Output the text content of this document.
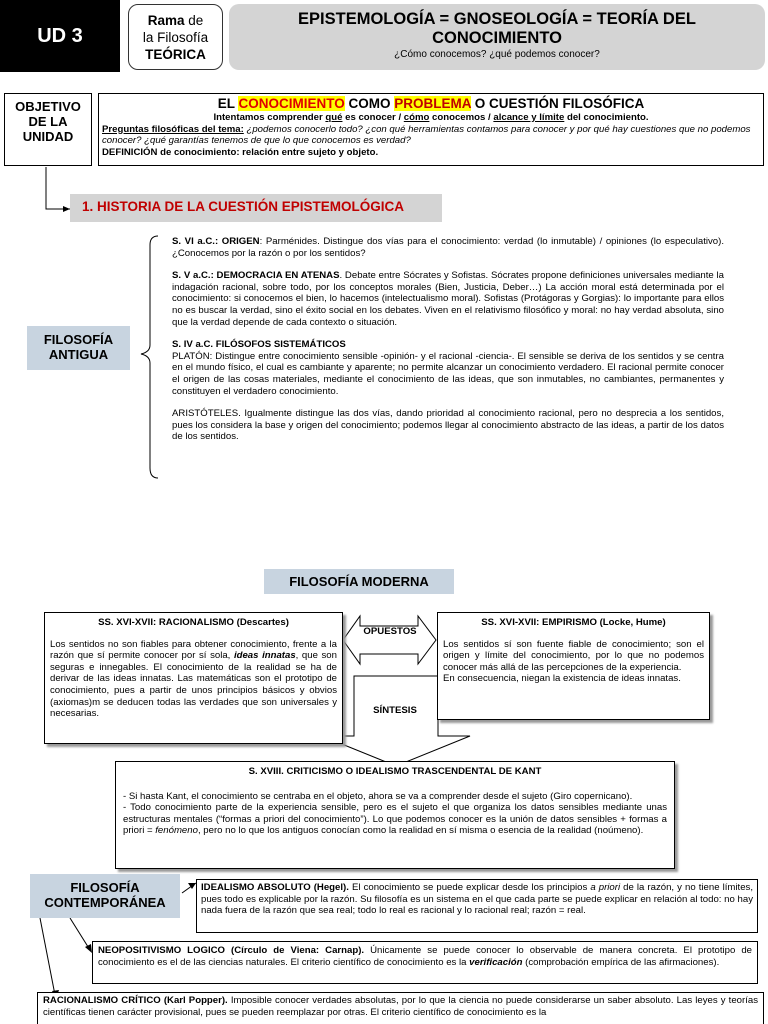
UD 3
Rama de
la Filosofía
TEÓRICA
EPISTEMOLOGÍA = GNOSEOLOGÍA = TEORÍA DEL
CONOCIMIENTO
¿Cómo conocemos? ¿qué podemos conocer?
OBJETIVO DE LA UNIDAD
EL CONOCIMIENTO COMO PROBLEMA O CUESTIÓN FILOSÓFICA
Intentamos comprender qué es conocer / cómo conocemos / alcance y límite del conocimiento.
Preguntas filosóficas del tema: ¿podemos conocerlo todo? ¿con qué herramientas contamos para conocer y por qué hay cuestiones que no podemos conocer? ¿qué garantías tenemos de que lo que conocemos es verdad?
DEFINICIÓN de conocimiento: relación entre sujeto y objeto.
1. HISTORIA DE LA CUESTIÓN EPISTEMOLÓGICA
FILOSOFÍA ANTIGUA

S. VI a.C.: ORIGEN: Parménides. Distingue dos vías para el conocimiento: verdad (lo inmutable) / opiniones (lo especulativo). ¿Conocemos por la razón o por los sentidos?

S. V a.C.: DEMOCRACIA EN ATENAS. Debate entre Sócrates y Sofistas. Sócrates propone definiciones universales mediante la indagación racional, sobre todo, por los conceptos morales (Bien, Justicia, Deber…) La acción moral está determinada por el conocimiento: si conocemos el bien, lo hacemos (intelectualismo moral). Sofistas (Protágoras y Gorgias): lo importante para ellos no es buscar la verdad, sino el éxito social en los debates. Viven en el relativismo filosófico y moral: no hay verdad absoluta, sino que la verdad depende de cada contexto o situación.

S. IV a.C. FILÓSOFOS SISTEMÁTICOS
PLATÓN: Distingue entre conocimiento sensible -opinión- y el racional -ciencia-. El sensible se deriva de los sentidos y se centra en el mundo físico, el cual es cambiante y aparente; no permite alcanzar un conocimiento verdadero. El racional permite conocer el origen de las cosas materiales, mediante el conocimiento de las ideas, que son inmutables, no cambiantes, permanentes y constituyen el verdadero conocimiento.

ARISTÓTELES. Igualmente distingue las dos vías, dando prioridad al conocimiento racional, pero no desprecia a los sentidos, pues los considera la base y origen del conocimiento; podemos llegar al conocimiento abstracto de las ideas, a partir de los datos de los sentidos.

FILOSOFÍA MODERNA
SS. XVI-XVII: RACIONALISMO (Descartes)
Los sentidos no son fiables para obtener conocimiento, frente a la razón que sí permite conocer por sí sola, ideas innatas, que son seguras e innegables. El conocimiento de la realidad se ha de derivar de las ideas innatas. Las matemáticas son el prototipo de conocimiento, pues a partir de unos principios básicos y obvios (axiomas)m se deducen todas las verdades que son universales y necesarias.
OPUESTOS
SS. XVI-XVII: EMPIRISMO (Locke, Hume)
Los sentidos sí son fuente fiable de conocimiento; son el origen y límite del conocimiento, por lo que no podemos conocer más allá de las percepciones de la experiencia.
En consecuencia, niegan la existencia de ideas innatas.
SÍNTESIS
S. XVIII. CRITICISMO O IDEALISMO TRASCENDENTAL DE KANT
- Si hasta Kant, el conocimiento se centraba en el objeto, ahora se va a comprender desde el sujeto (Giro copernicano).
- Todo conocimiento parte de la experiencia sensible, pero es el sujeto el que organiza los datos sensibles mediante unas estructuras mentales (“formas a priori del conocimiento”). Lo que podemos conocer es la unión de datos sensibles + formas a priori = fenómeno, pero no lo que los antiguos conocían como la realidad en sí misma o esencia de la realidad (noúmeno).
FILOSOFÍA CONTEMPORÁNEA
IDEALISMO ABSOLUTO (Hegel). El conocimiento se puede explicar desde los principios a priori de la razón, y no tiene límites, pues todo es explicable por la razón. Su filosofía es un sistema en el que cada parte se puede explicar en relación al todo: no hay nada fuera de la razón que sea real; todo lo real es racional y lo racional real; razón = real.
NEOPOSITIVISMO LOGICO (Círculo de Viena: Carnap). Únicamente se puede conocer lo observable de manera concreta. El prototipo de conocimiento es el de las ciencias naturales. El criterio científico de conocimiento es la verificación (comprobación empírica de las afirmaciones).
RACIONALISMO CRÍTICO (Karl Popper). Imposible conocer verdades absolutas, por lo que la ciencia no puede considerarse un saber absoluto. Las leyes y teorías científicas tienen carácter provisional, pues se pueden reemplazar por otras. El criterio científico de conocimiento es la
